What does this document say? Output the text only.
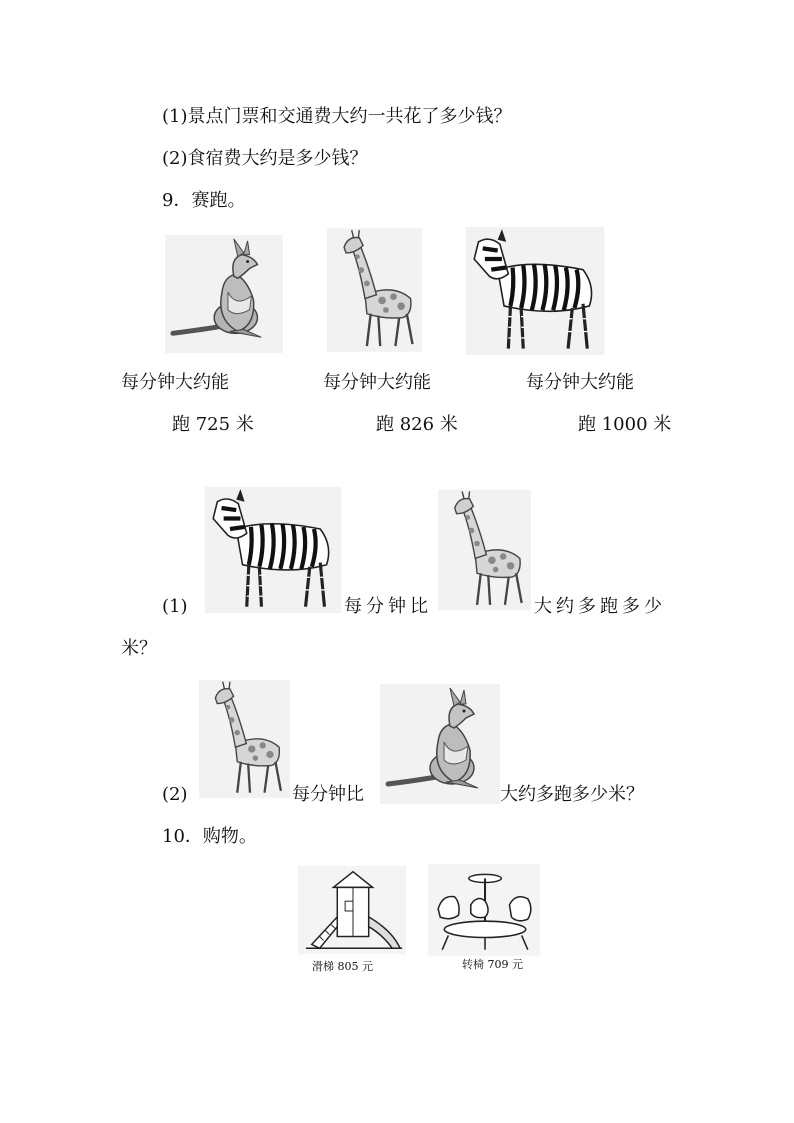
(1)景点门票和交通费大约一共花了多少钱？
(2)食宿费大约是多少钱？
9．赛跑。
每分钟大约能
跑 725 米
每分钟大约能
跑 826 米
每分钟大约能
跑 1000 米
(1)	每分钟比	大约多跑多少
米？
(2)	每分钟比	大约多跑多少米？
10．购物。
滑梯 805 元	转椅 709 元
